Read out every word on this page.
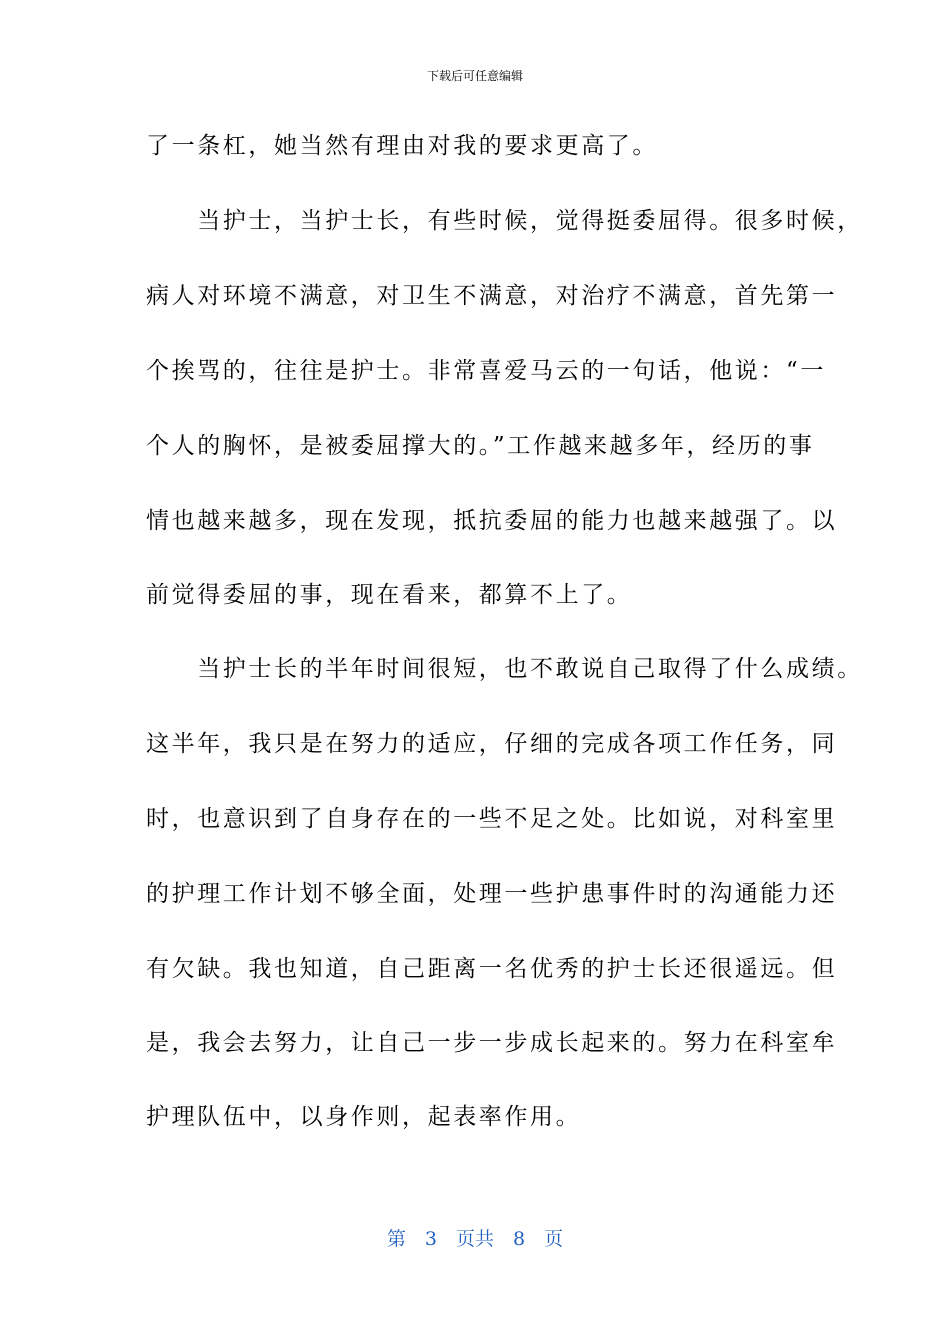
下载后可任意编辑
了一条杠，她当然有理由对我的要求更高了。
　　当护士，当护士长，有些时候，觉得挺委屈得。很多时候，
病人对环境不满意，对卫生不满意，对治疗不满意，首先第一
个挨骂的，往往是护士。非常喜爱马云的一句话，他说：“一
个人的胸怀，是被委屈撑大的。”工作越来越多年，经历的事
情也越来越多，现在发现，抵抗委屈的能力也越来越强了。以
前觉得委屈的事，现在看来，都算不上了。
　　当护士长的半年时间很短，也不敢说自己取得了什么成绩。
这半年，我只是在努力的适应，仔细的完成各项工作任务，同
时，也意识到了自身存在的一些不足之处。比如说，对科室里
的护理工作计划不够全面，处理一些护患事件时的沟通能力还
有欠缺。我也知道，自己距离一名优秀的护士长还很遥远。但
是，我会去努力，让自己一步一步成长起来的。努力在科室牟
护理队伍中，以身作则，起表率作用。
第　3　页共　8　页
